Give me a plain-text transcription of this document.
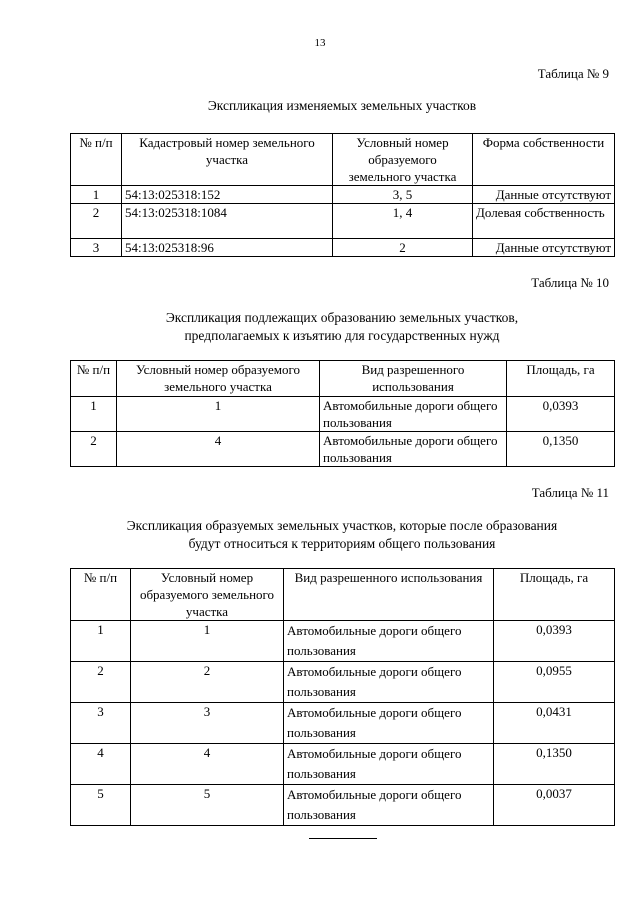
13
Таблица № 9
Экспликация изменяемых земельных участков
№ п/п	Кадастровый номер земельного участка	Условный номер образуемого земельного участка	Форма собственности
1	54:13:025318:152	3, 5	Данные отсутствуют
2	54:13:025318:1084	1, 4	Долевая собственность
3	54:13:025318:96	2	Данные отсутствуют
Таблица № 10
Экспликация подлежащих образованию земельных участков,
предполагаемых к изъятию для государственных нужд
№ п/п	Условный номер образуемого земельного участка	Вид разрешенного использования	Площадь, га
1	1	Автомобильные дороги общего пользования	0,0393
2	4	Автомобильные дороги общего пользования	0,1350
Таблица № 11
Экспликация образуемых земельных участков, которые после образования
будут относиться к территориям общего пользования
№ п/п	Условный номер образуемого земельного участка	Вид разрешенного использования	Площадь, га
1	1	Автомобильные дороги общего пользования	0,0393
2	2	Автомобильные дороги общего пользования	0,0955
3	3	Автомобильные дороги общего пользования	0,0431
4	4	Автомобильные дороги общего пользования	0,1350
5	5	Автомобильные дороги общего пользования	0,0037
